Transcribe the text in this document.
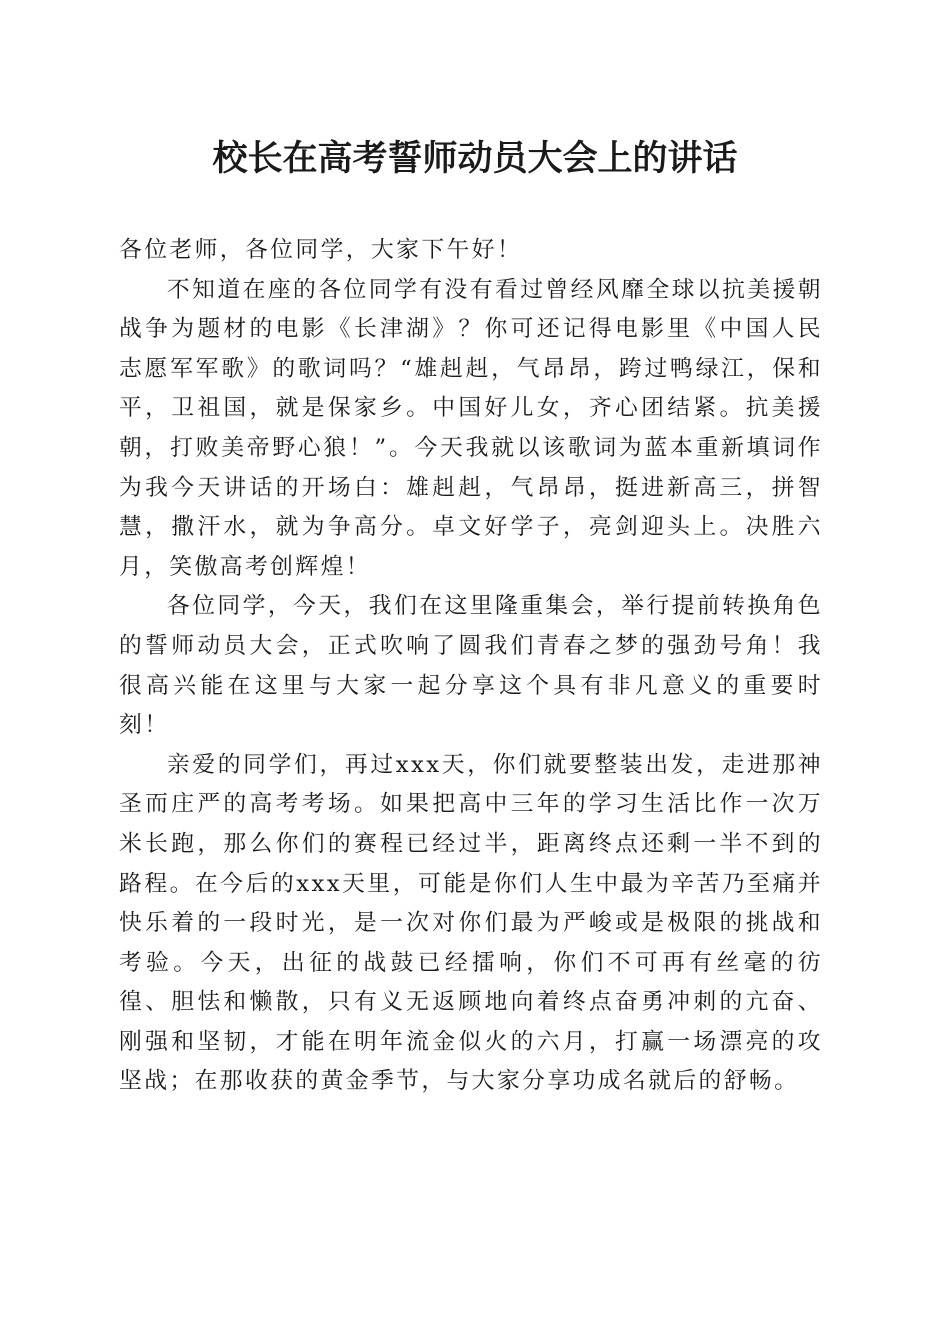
校长在高考誓师动员大会上的讲话

各位老师，各位同学，大家下午好！

不知道在座的各位同学有没有看过曾经风靡全球以抗美援朝战争为题材的电影《长津湖》？你可还记得电影里《中国人民志愿军军歌》的歌词吗？“雄赳赳，气昂昂，跨过鸭绿江，保和平，卫祖国，就是保家乡。中国好儿女，齐心团结紧。抗美援朝，打败美帝野心狼！”。今天我就以该歌词为蓝本重新填词作为我今天讲话的开场白：雄赳赳，气昂昂，挺进新高三，拼智慧，撒汗水，就为争高分。卓文好学子，亮剑迎头上。决胜六月，笑傲高考创辉煌！

各位同学，今天，我们在这里隆重集会，举行提前转换角色的誓师动员大会，正式吹响了圆我们青春之梦的强劲号角！我很高兴能在这里与大家一起分享这个具有非凡意义的重要时刻！

亲爱的同学们，再过xxx天，你们就要整装出发，走进那神圣而庄严的高考考场。如果把高中三年的学习生活比作一次万米长跑，那么你们的赛程已经过半，距离终点还剩一半不到的路程。在今后的xxx天里，可能是你们人生中最为辛苦乃至痛并快乐着的一段时光，是一次对你们最为严峻或是极限的挑战和考验。今天，出征的战鼓已经擂响，你们不可再有丝毫的彷徨、胆怯和懒散，只有义无返顾地向着终点奋勇冲刺的亢奋、刚强和坚韧，才能在明年流金似火的六月，打赢一场漂亮的攻坚战；在那收获的黄金季节，与大家分享功成名就后的舒畅。
